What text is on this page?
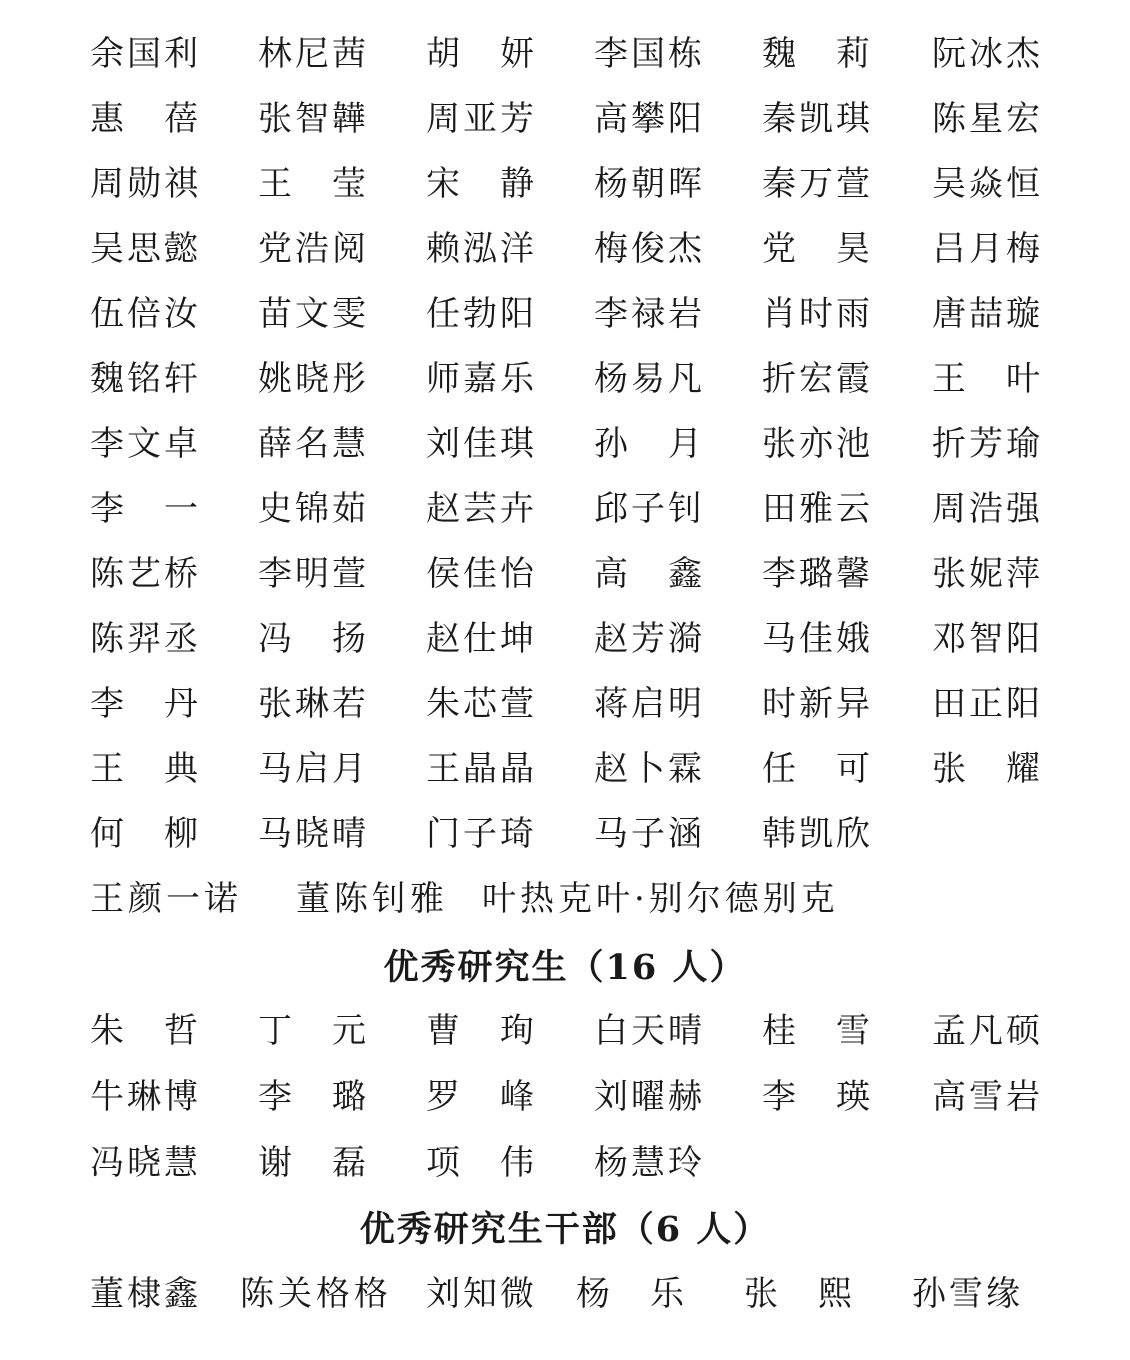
余国利 林尼茜 胡　妍 李国栋 魏　莉 阮冰杰
惠　蓓 张智韡 周亚芳 高攀阳 秦凯琪 陈星宏
周勋祺 王　莹 宋　静 杨朝晖 秦万萱 吴焱恒
吴思懿 党浩阅 赖泓洋 梅俊杰 党　昊 吕月梅
伍倍汝 苗文雯 任勃阳 李禄岩 肖时雨 唐喆璇
魏铭轩 姚晓彤 师嘉乐 杨易凡 折宏霞 王　叶
李文卓 薛名慧 刘佳琪 孙　月 张亦池 折芳瑜
李　一 史锦茹 赵芸卉 邱子钊 田雅云 周浩强
陈艺桥 李明萱 侯佳怡 高　鑫 李璐馨 张妮萍
陈羿丞 冯　扬 赵仕坤 赵芳漪 马佳娥 邓智阳
李　丹 张琳若 朱芯萱 蒋启明 时新异 田正阳
王　典 马启月 王晶晶 赵卜霖 任　可 张　耀
何　柳 马晓晴 门子琦 马子涵 韩凯欣
王颜一诺 董陈钊雅 叶热克叶·别尔德别克
优秀研究生（16 人）
朱　哲 丁　元 曹　珣 白天晴 桂　雪 孟凡硕
牛琳博 李　璐 罗　峰 刘曜赫 李　瑛 高雪岩
冯晓慧 谢　磊 项　伟 杨慧玲
优秀研究生干部（6 人）
董棣鑫 陈关格格 刘知微 杨　乐 张　熙 孙雪缘
